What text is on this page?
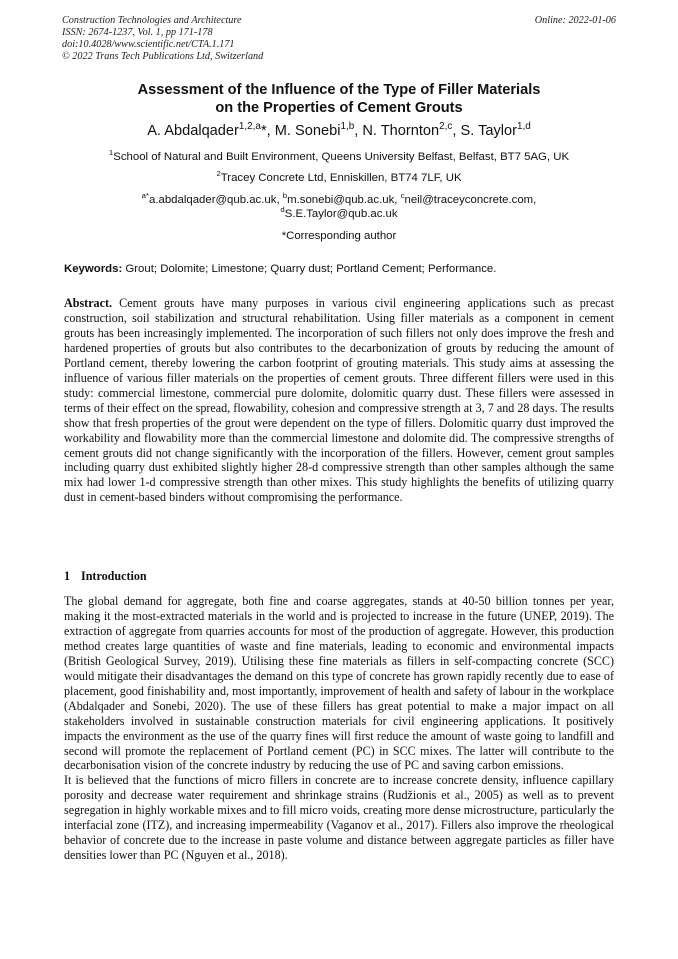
Construction Technologies and Architecture
ISSN: 2674-1237, Vol. 1, pp 171-178
doi:10.4028/www.scientific.net/CTA.1.171
© 2022 Trans Tech Publications Ltd, Switzerland
Online: 2022-01-06
Assessment of the Influence of the Type of Filler Materials
on the Properties of Cement Grouts
A. Abdalqader$^{1,2,a}$*, M. Sonebi$^{1,b}$, N. Thornton$^{2,c}$, S. Taylor$^{1,d}$
$^1$School of Natural and Built Environment, Queens University Belfast, Belfast, BT7 5AG, UK
$^2$Tracey Concrete Ltd, Enniskillen, BT74 7LF, UK
$^{a*}$a.abdalqader@qub.ac.uk, $^b$m.sonebi@qub.ac.uk, $^c$neil@traceyconcrete.com,
$^d$S.E.Taylor@qub.ac.uk
*Corresponding author
Keywords: Grout; Dolomite; Limestone; Quarry dust; Portland Cement; Performance.

Abstract. Cement grouts have many purposes in various civil engineering applications such as precast construction, soil stabilization and structural rehabilitation. Using filler materials as a component in cement grouts has been increasingly implemented. The incorporation of such fillers not only does improve the fresh and hardened properties of grouts but also contributes to the decarbonization of grouts by reducing the amount of Portland cement, thereby lowering the carbon footprint of grouting materials. This study aims at assessing the influence of various filler materials on the properties of cement grouts. Three different fillers were used in this study: commercial limestone, commercial pure dolomite, dolomitic quarry dust. These fillers were assessed in terms of their effect on the spread, flowability, cohesion and compressive strength at 3, 7 and 28 days. The results show that fresh properties of the grout were dependent on the type of fillers. Dolomitic quarry dust improved the workability and flowability more than the commercial limestone and dolomite did. The compressive strengths of cement grouts did not change significantly with the incorporation of the fillers. However, cement grout samples including quarry dust exhibited slightly higher 28-d compressive strength than other samples although the same mix had lower 1-d compressive strength than other mixes. This study highlights the benefits of utilizing quarry dust in cement-based binders without compromising the performance.

1 Introduction

The global demand for aggregate, both fine and coarse aggregates, stands at 40-50 billion tonnes per year, making it the most-extracted materials in the world and is projected to increase in the future (UNEP, 2019). The extraction of aggregate from quarries accounts for most of the production of aggregate. However, this production method creates large quantities of waste and fine materials, leading to economic and environmental impacts (British Geological Survey, 2019). Utilising these fine materials as fillers in self-compacting concrete (SCC) would mitigate their disadvantages the demand on this type of concrete has grown rapidly recently due to ease of placement, good finishability and, most importantly, improvement of health and safety of labour in the workplace (Abdalqader and Sonebi, 2020). The use of these fillers has great potential to make a major impact on all stakeholders involved in sustainable construction materials for civil engineering applications. It positively impacts the environment as the use of the quarry fines will first reduce the amount of waste going to landfill and second will promote the replacement of Portland cement (PC) in SCC mixes. The latter will contribute to the decarbonisation vision of the concrete industry by reducing the use of PC and saving carbon emissions.

It is believed that the functions of micro fillers in concrete are to increase concrete density, influence capillary porosity and decrease water requirement and shrinkage strains (Rudžionis et al., 2005) as well as to prevent segregation in highly workable mixes and to fill micro voids, creating more dense microstructure, particularly the interfacial zone (ITZ), and increasing impermeability (Vaganov et al., 2017). Fillers also improve the rheological behavior of concrete due to the increase in paste volume and distance between aggregate particles as filler have densities lower than PC (Nguyen et al., 2018).
